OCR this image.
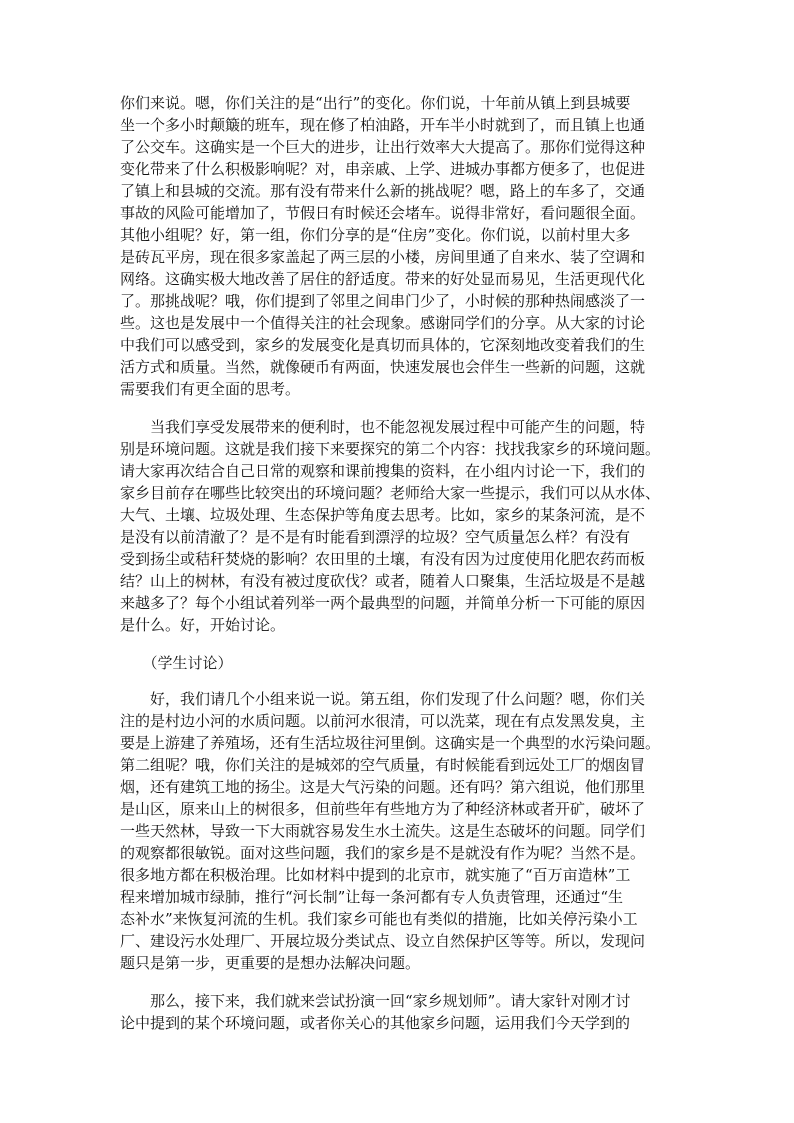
你们来说。嗯，你们关注的是“出行”的变化。你们说，十年前从镇上到县城要
坐一个多小时颠簸的班车，现在修了柏油路，开车半小时就到了，而且镇上也通
了公交车。这确实是一个巨大的进步，让出行效率大大提高了。那你们觉得这种
变化带来了什么积极影响呢？对，串亲戚、上学、进城办事都方便多了，也促进
了镇上和县城的交流。那有没有带来什么新的挑战呢？嗯，路上的车多了，交通
事故的风险可能增加了，节假日有时候还会堵车。说得非常好，看问题很全面。
其他小组呢？好，第一组，你们分享的是“住房”变化。你们说，以前村里大多
是砖瓦平房，现在很多家盖起了两三层的小楼，房间里通了自来水、装了空调和
网络。这确实极大地改善了居住的舒适度。带来的好处显而易见，生活更现代化
了。那挑战呢？哦，你们提到了邻里之间串门少了，小时候的那种热闹感淡了一
些。这也是发展中一个值得关注的社会现象。感谢同学们的分享。从大家的讨论
中我们可以感受到，家乡的发展变化是真切而具体的，它深刻地改变着我们的生
活方式和质量。当然，就像硬币有两面，快速发展也会伴生一些新的问题，这就
需要我们有更全面的思考。
　　当我们享受发展带来的便利时，也不能忽视发展过程中可能产生的问题，特
别是环境问题。这就是我们接下来要探究的第二个内容：找找我家乡的环境问题。
请大家再次结合自己日常的观察和课前搜集的资料，在小组内讨论一下，我们的
家乡目前存在哪些比较突出的环境问题？老师给大家一些提示，我们可以从水体、
大气、土壤、垃圾处理、生态保护等角度去思考。比如，家乡的某条河流，是不
是没有以前清澈了？是不是有时能看到漂浮的垃圾？空气质量怎么样？有没有
受到扬尘或秸秆焚烧的影响？农田里的土壤，有没有因为过度使用化肥农药而板
结？山上的树林，有没有被过度砍伐？或者，随着人口聚集，生活垃圾是不是越
来越多了？每个小组试着列举一两个最典型的问题，并简单分析一下可能的原因
是什么。好，开始讨论。
　　（学生讨论）
　　好，我们请几个小组来说一说。第五组，你们发现了什么问题？嗯，你们关
注的是村边小河的水质问题。以前河水很清，可以洗菜，现在有点发黑发臭，主
要是上游建了养殖场，还有生活垃圾往河里倒。这确实是一个典型的水污染问题。
第二组呢？哦，你们关注的是城郊的空气质量，有时候能看到远处工厂的烟囱冒
烟，还有建筑工地的扬尘。这是大气污染的问题。还有吗？第六组说，他们那里
是山区，原来山上的树很多，但前些年有些地方为了种经济林或者开矿，破坏了
一些天然林，导致一下大雨就容易发生水土流失。这是生态破坏的问题。同学们
的观察都很敏锐。面对这些问题，我们的家乡是不是就没有作为呢？当然不是。
很多地方都在积极治理。比如材料中提到的北京市，就实施了“百万亩造林”工
程来增加城市绿肺，推行“河长制”让每一条河都有专人负责管理，还通过“生
态补水”来恢复河流的生机。我们家乡可能也有类似的措施，比如关停污染小工
厂、建设污水处理厂、开展垃圾分类试点、设立自然保护区等等。所以，发现问
题只是第一步，更重要的是想办法解决问题。
　　那么，接下来，我们就来尝试扮演一回“家乡规划师”。请大家针对刚才讨
论中提到的某个环境问题，或者你关心的其他家乡问题，运用我们今天学到的
